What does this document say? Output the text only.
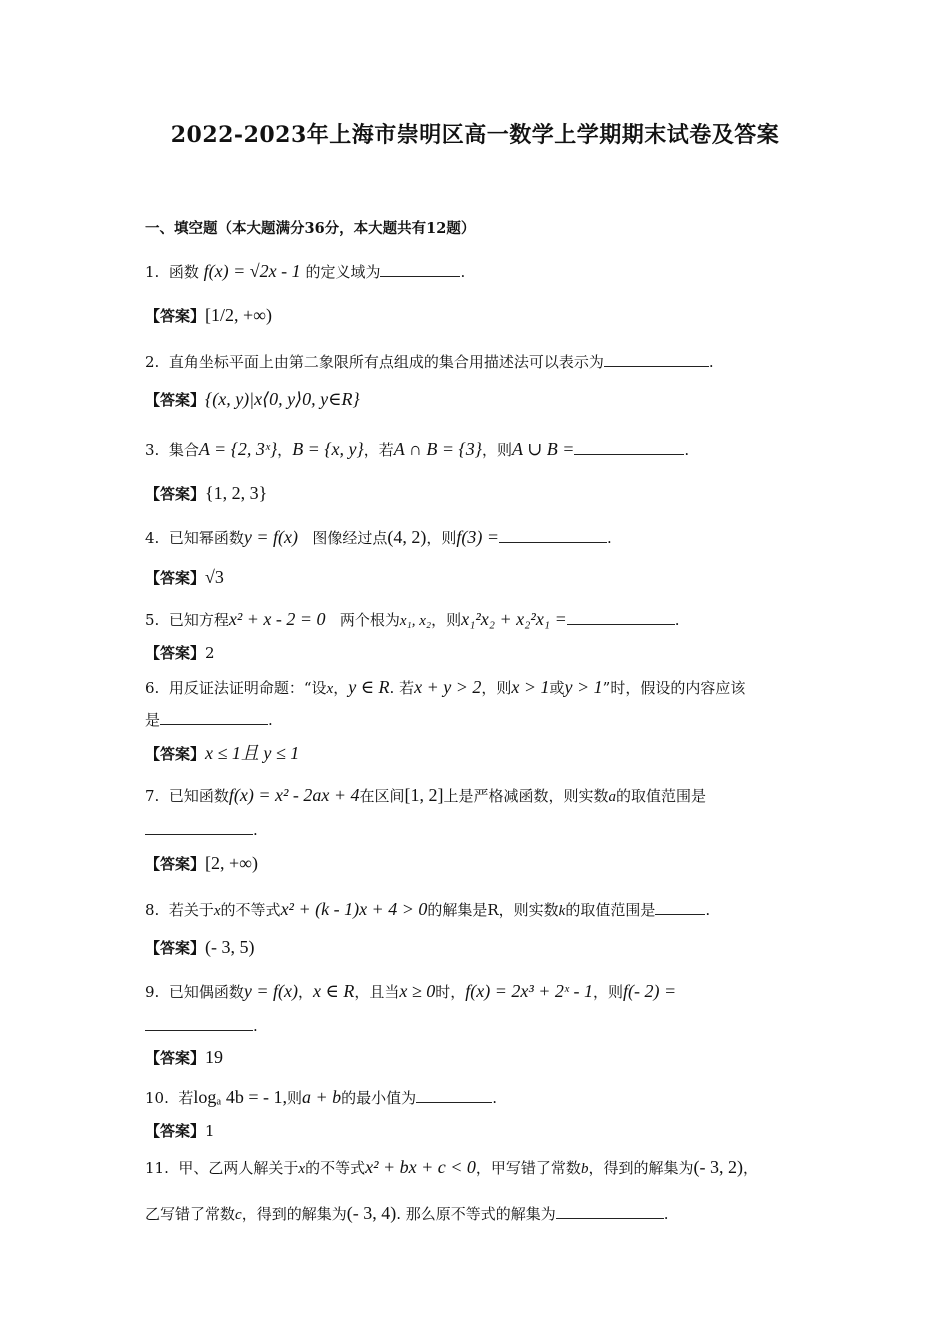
2022-2023年上海市崇明区高一数学上学期期末试卷及答案
一、填空题（本大题满分36分，本大题共有12题）
1. 函数 f(x) = √2x - 1 的定义域为	.
【答案】[1/2, +∞)
2. 直角坐标平面上由第二象限所有点组成的集合用描述法可以表示为	.
【答案】{(x, y)|x⟨0, y⟩0, y∈R}
3. 集合A = {2, 3ˣ}，B = {x, y}，若A ∩ B = {3}，则A ∪ B =	.
【答案】{1, 2, 3}
4. 已知幂函数y = f(x) 图像经过点(4, 2)，则f(3) =	.
【答案】√3
5. 已知方程x² + x - 2 = 0 两个根为x₁, x₂，则x₁²x₂ + x₂²x₁ =	.
【答案】2
6. 用反证法证明命题：“设x，y ∈ R. 若x + y > 2，则x > 1或y > 1”时，假设的内容应该
是	.
【答案】x ≤ 1且 y ≤ 1
7. 已知函数f(x) = x² - 2ax + 4在区间[1, 2]上是严格减函数，则实数a的取值范围是
.
【答案】[2, +∞)
8. 若关于x的不等式x² + (k - 1)x + 4 > 0的解集是R，则实数k的取值范围是	.
【答案】(- 3, 5)
9. 已知偶函数y = f(x)，x ∈ R，且当x ≥ 0时，f(x) = 2x³ + 2ˣ - 1，则f(- 2) =
.
【答案】19
10. 若logₐ 4b = - 1,则a + b的最小值为	.
【答案】1
11. 甲、乙两人解关于x的不等式x² + bx + c < 0，甲写错了常数b，得到的解集为(- 3, 2)，
乙写错了常数c，得到的解集为(- 3, 4). 那么原不等式的解集为	.
